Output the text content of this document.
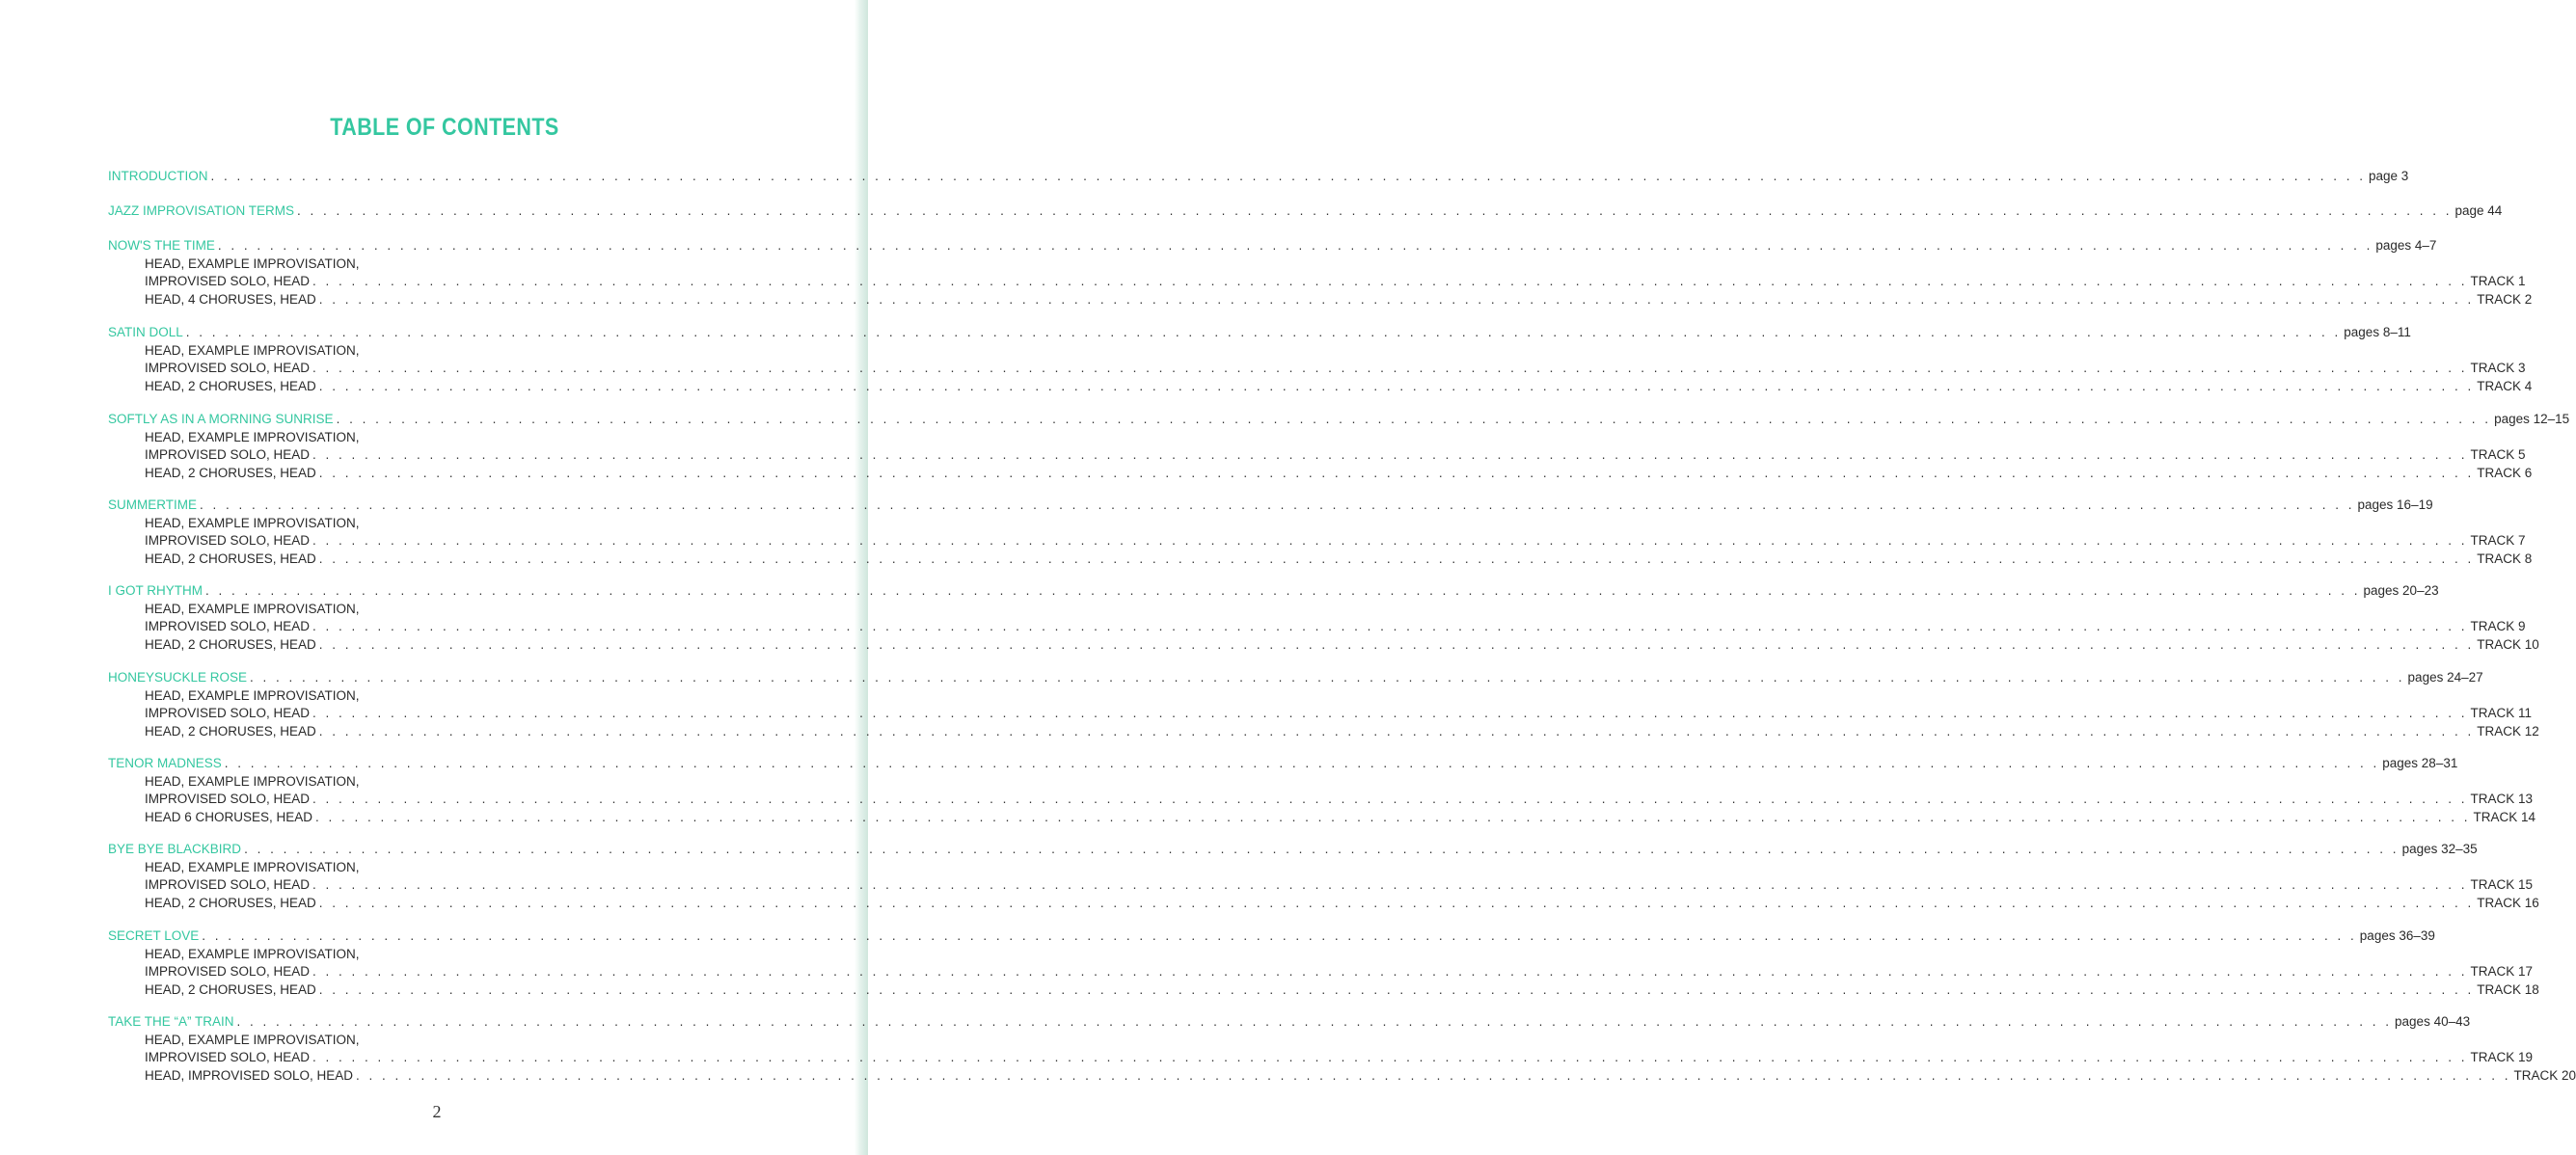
TABLE OF CONTENTS
INTRODUCTION . . . . . . . . . . . . . . . . . . . . . . . . . . . . . . . . . . . . . . . . . . . . . . . . . . . . . . . . . . . . . . . . . . . . . . . . . . . . . . . . . . . . . . . . . . . . . . . . . . . . . . . . . . . . . . . . . . . . . . . . . . . . . . . . . . . . . . . . . . . . . . . . . . . . . . . . . . . . . . . . . . . . . . page 3
JAZZ IMPROVISATION TERMS . . . . . . . . . . . . . . . . . . . . . . . . . . . . . . . . . . . . . . . . . . . . . . . . . . . . . . . . . . . . . . . . . . . . . . . . . . . . . . . . . . . . . . . . . . . . . . . . . . . . . . . . . . . . . . . . . . . . . . . . . . . . . . . . . . . . . . . . . . . . . . . . . . . . . . . . . . . . . . . . . . . . . . page 44
NOW'S THE TIME . . . . . . . . . . . . . . . . . . . . . . . . . . . . . . . . . . . . . . . . . . . . . . . . . . . . . . . . . . . . . . . . . . . . . . . . . . . . . . . . . . . . . . . . . . . . . . . . . . . . . . . . . . . . . . . . . . . . . . . . . . . . . . . . . . . . . . . . . . . . . . . . . . . . . . . . . . . . . . . . . . . . . . pages 4–7
HEAD, EXAMPLE IMPROVISATION,
IMPROVISED SOLO, HEAD . . . . . . . . . . . . . . . . . . . . . . . . . . . . . . . . . . . . . . . . . . . . . . . . . . . . . . . . . . . . . . . . . . . . . . . . . . . . . . . . . . . . . . . . . . . . . . . . . . . . . . . . . . . . . . . . . . . . . . . . . . . . . . . . . . . . . . . . . . . . . . . . . . . . . . . . . . . . . . . . . . . . . . TRACK 1
HEAD, 4 CHORUSES, HEAD . . . . . . . . . . . . . . . . . . . . . . . . . . . . . . . . . . . . . . . . . . . . . . . . . . . . . . . . . . . . . . . . . . . . . . . . . . . . . . . . . . . . . . . . . . . . . . . . . . . . . . . . . . . . . . . . . . . . . . . . . . . . . . . . . . . . . . . . . . . . . . . . . . . . . . . . . . . . . . . . . . . . . . TRACK 2
SATIN DOLL . . . . . . . . . . . . . . . . . . . . . . . . . . . . . . . . . . . . . . . . . . . . . . . . . . . . . . . . . . . . . . . . . . . . . . . . . . . . . . . . . . . . . . . . . . . . . . . . . . . . . . . . . . . . . . . . . . . . . . . . . . . . . . . . . . . . . . . . . . . . . . . . . . . . . . . . . . . . . . . . . . . . . . pages 8–11
HEAD, EXAMPLE IMPROVISATION,
IMPROVISED SOLO, HEAD . . . . . . . . . . . . . . . . . . . . . . . . . . . . . . . . . . . . . . . . . . . . . . . . . . . . . . . . . . . . . . . . . . . . . . . . . . . . . . . . . . . . . . . . . . . . . . . . . . . . . . . . . . . . . . . . . . . . . . . . . . . . . . . . . . . . . . . . . . . . . . . . . . . . . . . . . . . . . . . . . . . . . . TRACK 3
HEAD, 2 CHORUSES, HEAD . . . . . . . . . . . . . . . . . . . . . . . . . . . . . . . . . . . . . . . . . . . . . . . . . . . . . . . . . . . . . . . . . . . . . . . . . . . . . . . . . . . . . . . . . . . . . . . . . . . . . . . . . . . . . . . . . . . . . . . . . . . . . . . . . . . . . . . . . . . . . . . . . . . . . . . . . . . . . . . . . . . . . . TRACK 4
SOFTLY AS IN A MORNING SUNRISE . . . . . . . . . . . . . . . . . . . . . . . . . . . . . . . . . . . . . . . . . . . . . . . . . . . . . . . . . . . . . . . . . . . . . . . . . . . . . . . . . . . . . . . . . . . . . . . . . . . . . . . . . . . . . . . . . . . . . . . . . . . . . . . . . . . . . . . . . . . . . . . . . . . . . . . . . . . . . . . . . . . . . . pages 12–15
HEAD, EXAMPLE IMPROVISATION,
IMPROVISED SOLO, HEAD . . . . . . . . . . . . . . . . . . . . . . . . . . . . . . . . . . . . . . . . . . . . . . . . . . . . . . . . . . . . . . . . . . . . . . . . . . . . . . . . . . . . . . . . . . . . . . . . . . . . . . . . . . . . . . . . . . . . . . . . . . . . . . . . . . . . . . . . . . . . . . . . . . . . . . . . . . . . . . . . . . . . . . TRACK 5
HEAD, 2 CHORUSES, HEAD . . . . . . . . . . . . . . . . . . . . . . . . . . . . . . . . . . . . . . . . . . . . . . . . . . . . . . . . . . . . . . . . . . . . . . . . . . . . . . . . . . . . . . . . . . . . . . . . . . . . . . . . . . . . . . . . . . . . . . . . . . . . . . . . . . . . . . . . . . . . . . . . . . . . . . . . . . . . . . . . . . . . . . TRACK 6
SUMMERTIME . . . . . . . . . . . . . . . . . . . . . . . . . . . . . . . . . . . . . . . . . . . . . . . . . . . . . . . . . . . . . . . . . . . . . . . . . . . . . . . . . . . . . . . . . . . . . . . . . . . . . . . . . . . . . . . . . . . . . . . . . . . . . . . . . . . . . . . . . . . . . . . . . . . . . . . . . . . . . . . . . . . . . . pages 16–19
HEAD, EXAMPLE IMPROVISATION,
IMPROVISED SOLO, HEAD . . . . . . . . . . . . . . . . . . . . . . . . . . . . . . . . . . . . . . . . . . . . . . . . . . . . . . . . . . . . . . . . . . . . . . . . . . . . . . . . . . . . . . . . . . . . . . . . . . . . . . . . . . . . . . . . . . . . . . . . . . . . . . . . . . . . . . . . . . . . . . . . . . . . . . . . . . . . . . . . . . . . . . TRACK 7
HEAD, 2 CHORUSES, HEAD . . . . . . . . . . . . . . . . . . . . . . . . . . . . . . . . . . . . . . . . . . . . . . . . . . . . . . . . . . . . . . . . . . . . . . . . . . . . . . . . . . . . . . . . . . . . . . . . . . . . . . . . . . . . . . . . . . . . . . . . . . . . . . . . . . . . . . . . . . . . . . . . . . . . . . . . . . . . . . . . . . . . . . TRACK 8
I GOT RHYTHM . . . . . . . . . . . . . . . . . . . . . . . . . . . . . . . . . . . . . . . . . . . . . . . . . . . . . . . . . . . . . . . . . . . . . . . . . . . . . . . . . . . . . . . . . . . . . . . . . . . . . . . . . . . . . . . . . . . . . . . . . . . . . . . . . . . . . . . . . . . . . . . . . . . . . . . . . . . . . . . . . . . . . . pages 20–23
HEAD, EXAMPLE IMPROVISATION,
IMPROVISED SOLO, HEAD . . . . . . . . . . . . . . . . . . . . . . . . . . . . . . . . . . . . . . . . . . . . . . . . . . . . . . . . . . . . . . . . . . . . . . . . . . . . . . . . . . . . . . . . . . . . . . . . . . . . . . . . . . . . . . . . . . . . . . . . . . . . . . . . . . . . . . . . . . . . . . . . . . . . . . . . . . . . . . . . . . . . . . TRACK 9
HEAD, 2 CHORUSES, HEAD . . . . . . . . . . . . . . . . . . . . . . . . . . . . . . . . . . . . . . . . . . . . . . . . . . . . . . . . . . . . . . . . . . . . . . . . . . . . . . . . . . . . . . . . . . . . . . . . . . . . . . . . . . . . . . . . . . . . . . . . . . . . . . . . . . . . . . . . . . . . . . . . . . . . . . . . . . . . . . . . . . . . . . TRACK 10
HONEYSUCKLE ROSE . . . . . . . . . . . . . . . . . . . . . . . . . . . . . . . . . . . . . . . . . . . . . . . . . . . . . . . . . . . . . . . . . . . . . . . . . . . . . . . . . . . . . . . . . . . . . . . . . . . . . . . . . . . . . . . . . . . . . . . . . . . . . . . . . . . . . . . . . . . . . . . . . . . . . . . . . . . . . . . . . . . . . . pages 24–27
HEAD, EXAMPLE IMPROVISATION,
IMPROVISED SOLO, HEAD . . . . . . . . . . . . . . . . . . . . . . . . . . . . . . . . . . . . . . . . . . . . . . . . . . . . . . . . . . . . . . . . . . . . . . . . . . . . . . . . . . . . . . . . . . . . . . . . . . . . . . . . . . . . . . . . . . . . . . . . . . . . . . . . . . . . . . . . . . . . . . . . . . . . . . . . . . . . . . . . . . . . . . TRACK 11
HEAD, 2 CHORUSES, HEAD . . . . . . . . . . . . . . . . . . . . . . . . . . . . . . . . . . . . . . . . . . . . . . . . . . . . . . . . . . . . . . . . . . . . . . . . . . . . . . . . . . . . . . . . . . . . . . . . . . . . . . . . . . . . . . . . . . . . . . . . . . . . . . . . . . . . . . . . . . . . . . . . . . . . . . . . . . . . . . . . . . . . . . TRACK 12
TENOR MADNESS . . . . . . . . . . . . . . . . . . . . . . . . . . . . . . . . . . . . . . . . . . . . . . . . . . . . . . . . . . . . . . . . . . . . . . . . . . . . . . . . . . . . . . . . . . . . . . . . . . . . . . . . . . . . . . . . . . . . . . . . . . . . . . . . . . . . . . . . . . . . . . . . . . . . . . . . . . . . . . . . . . . . . . pages 28–31
HEAD, EXAMPLE IMPROVISATION,
IMPROVISED SOLO, HEAD . . . . . . . . . . . . . . . . . . . . . . . . . . . . . . . . . . . . . . . . . . . . . . . . . . . . . . . . . . . . . . . . . . . . . . . . . . . . . . . . . . . . . . . . . . . . . . . . . . . . . . . . . . . . . . . . . . . . . . . . . . . . . . . . . . . . . . . . . . . . . . . . . . . . . . . . . . . . . . . . . . . . . . TRACK 13
HEAD 6 CHORUSES, HEAD . . . . . . . . . . . . . . . . . . . . . . . . . . . . . . . . . . . . . . . . . . . . . . . . . . . . . . . . . . . . . . . . . . . . . . . . . . . . . . . . . . . . . . . . . . . . . . . . . . . . . . . . . . . . . . . . . . . . . . . . . . . . . . . . . . . . . . . . . . . . . . . . . . . . . . . . . . . . . . . . . . . . . . TRACK 14
BYE BYE BLACKBIRD . . . . . . . . . . . . . . . . . . . . . . . . . . . . . . . . . . . . . . . . . . . . . . . . . . . . . . . . . . . . . . . . . . . . . . . . . . . . . . . . . . . . . . . . . . . . . . . . . . . . . . . . . . . . . . . . . . . . . . . . . . . . . . . . . . . . . . . . . . . . . . . . . . . . . . . . . . . . . . . . . . . . . . pages 32–35
HEAD, EXAMPLE IMPROVISATION,
IMPROVISED SOLO, HEAD . . . . . . . . . . . . . . . . . . . . . . . . . . . . . . . . . . . . . . . . . . . . . . . . . . . . . . . . . . . . . . . . . . . . . . . . . . . . . . . . . . . . . . . . . . . . . . . . . . . . . . . . . . . . . . . . . . . . . . . . . . . . . . . . . . . . . . . . . . . . . . . . . . . . . . . . . . . . . . . . . . . . . . TRACK 15
HEAD, 2 CHORUSES, HEAD . . . . . . . . . . . . . . . . . . . . . . . . . . . . . . . . . . . . . . . . . . . . . . . . . . . . . . . . . . . . . . . . . . . . . . . . . . . . . . . . . . . . . . . . . . . . . . . . . . . . . . . . . . . . . . . . . . . . . . . . . . . . . . . . . . . . . . . . . . . . . . . . . . . . . . . . . . . . . . . . . . . . . . TRACK 16
SECRET LOVE . . . . . . . . . . . . . . . . . . . . . . . . . . . . . . . . . . . . . . . . . . . . . . . . . . . . . . . . . . . . . . . . . . . . . . . . . . . . . . . . . . . . . . . . . . . . . . . . . . . . . . . . . . . . . . . . . . . . . . . . . . . . . . . . . . . . . . . . . . . . . . . . . . . . . . . . . . . . . . . . . . . . . . pages 36–39
HEAD, EXAMPLE IMPROVISATION,
IMPROVISED SOLO, HEAD . . . . . . . . . . . . . . . . . . . . . . . . . . . . . . . . . . . . . . . . . . . . . . . . . . . . . . . . . . . . . . . . . . . . . . . . . . . . . . . . . . . . . . . . . . . . . . . . . . . . . . . . . . . . . . . . . . . . . . . . . . . . . . . . . . . . . . . . . . . . . . . . . . . . . . . . . . . . . . . . . . . . . . TRACK 17
HEAD, 2 CHORUSES, HEAD . . . . . . . . . . . . . . . . . . . . . . . . . . . . . . . . . . . . . . . . . . . . . . . . . . . . . . . . . . . . . . . . . . . . . . . . . . . . . . . . . . . . . . . . . . . . . . . . . . . . . . . . . . . . . . . . . . . . . . . . . . . . . . . . . . . . . . . . . . . . . . . . . . . . . . . . . . . . . . . . . . . . . . TRACK 18
TAKE THE “A” TRAIN . . . . . . . . . . . . . . . . . . . . . . . . . . . . . . . . . . . . . . . . . . . . . . . . . . . . . . . . . . . . . . . . . . . . . . . . . . . . . . . . . . . . . . . . . . . . . . . . . . . . . . . . . . . . . . . . . . . . . . . . . . . . . . . . . . . . . . . . . . . . . . . . . . . . . . . . . . . . . . . . . . . . . . pages 40–43
HEAD, EXAMPLE IMPROVISATION,
IMPROVISED SOLO, HEAD . . . . . . . . . . . . . . . . . . . . . . . . . . . . . . . . . . . . . . . . . . . . . . . . . . . . . . . . . . . . . . . . . . . . . . . . . . . . . . . . . . . . . . . . . . . . . . . . . . . . . . . . . . . . . . . . . . . . . . . . . . . . . . . . . . . . . . . . . . . . . . . . . . . . . . . . . . . . . . . . . . . . . . TRACK 19
HEAD, IMPROVISED SOLO, HEAD . . . . . . . . . . . . . . . . . . . . . . . . . . . . . . . . . . . . . . . . . . . . . . . . . . . . . . . . . . . . . . . . . . . . . . . . . . . . . . . . . . . . . . . . . . . . . . . . . . . . . . . . . . . . . . . . . . . . . . . . . . . . . . . . . . . . . . . . . . . . . . . . . . . . . . . . . . . . . . . . . . . . . . TRACK 20
2
